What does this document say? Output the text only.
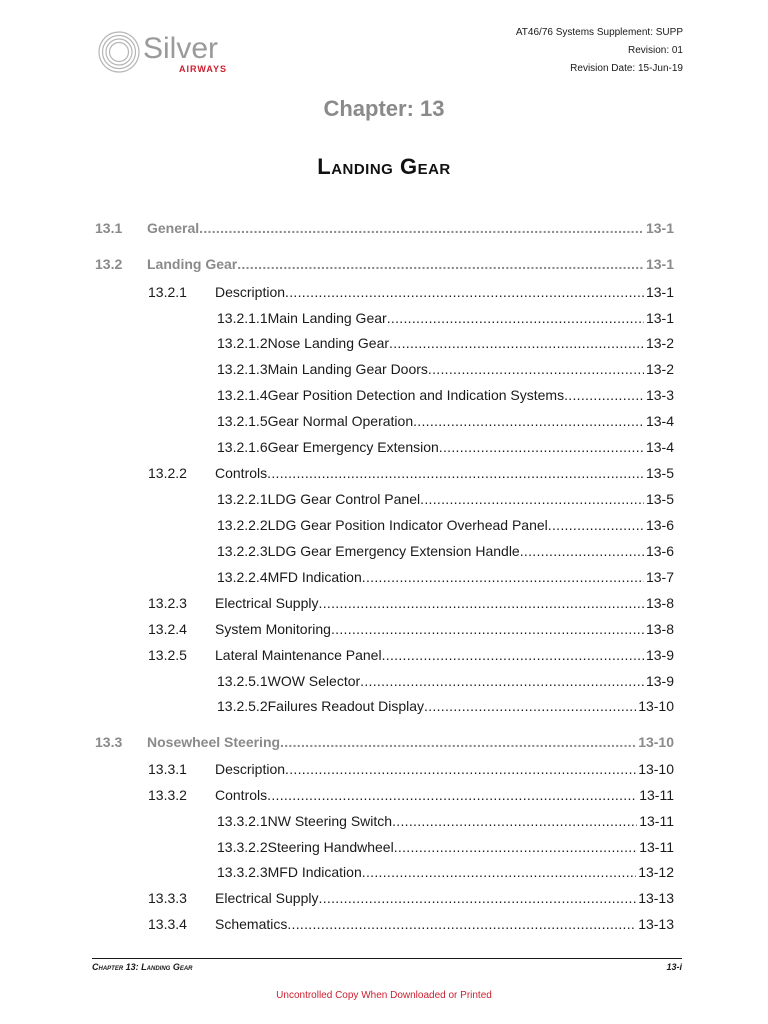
Silver
AIRWAYS
AT46/76 Systems Supplement: SUPP
Revision: 01
Revision Date: 15-Jun-19
Chapter: 13
Landing Gear
13.1 General .....	13-1
13.2 Landing Gear .....	13-1
13.2.1 Description .....	13-1
13.2.1.1Main Landing Gear .....	13-1
13.2.1.2Nose Landing Gear .....	13-2
13.2.1.3Main Landing Gear Doors .....	13-2
13.2.1.4Gear Position Detection and Indication Systems .....	13-3
13.2.1.5Gear Normal Operation .....	13-4
13.2.1.6Gear Emergency Extension .....	13-4
13.2.2 Controls .....	13-5
13.2.2.1LDG Gear Control Panel .....	13-5
13.2.2.2LDG Gear Position Indicator Overhead Panel .....	13-6
13.2.2.3LDG Gear Emergency Extension Handle .....	13-6
13.2.2.4MFD Indication .....	13-7
13.2.3 Electrical Supply .....	13-8
13.2.4 System Monitoring .....	13-8
13.2.5 Lateral Maintenance Panel .....	13-9
13.2.5.1WOW Selector .....	13-9
13.2.5.2Failures Readout Display .....	13-10
13.3 Nosewheel Steering .....	13-10
13.3.1 Description .....	13-10
13.3.2 Controls .....	13-11
13.3.2.1NW Steering Switch .....	13-11
13.3.2.2Steering Handwheel .....	13-11
13.3.2.3MFD Indication .....	13-12
13.3.3 Electrical Supply .....	13-13
13.3.4 Schematics .....	13-13
Chapter 13: Landing Gear	13-i
Uncontrolled Copy When Downloaded or Printed
